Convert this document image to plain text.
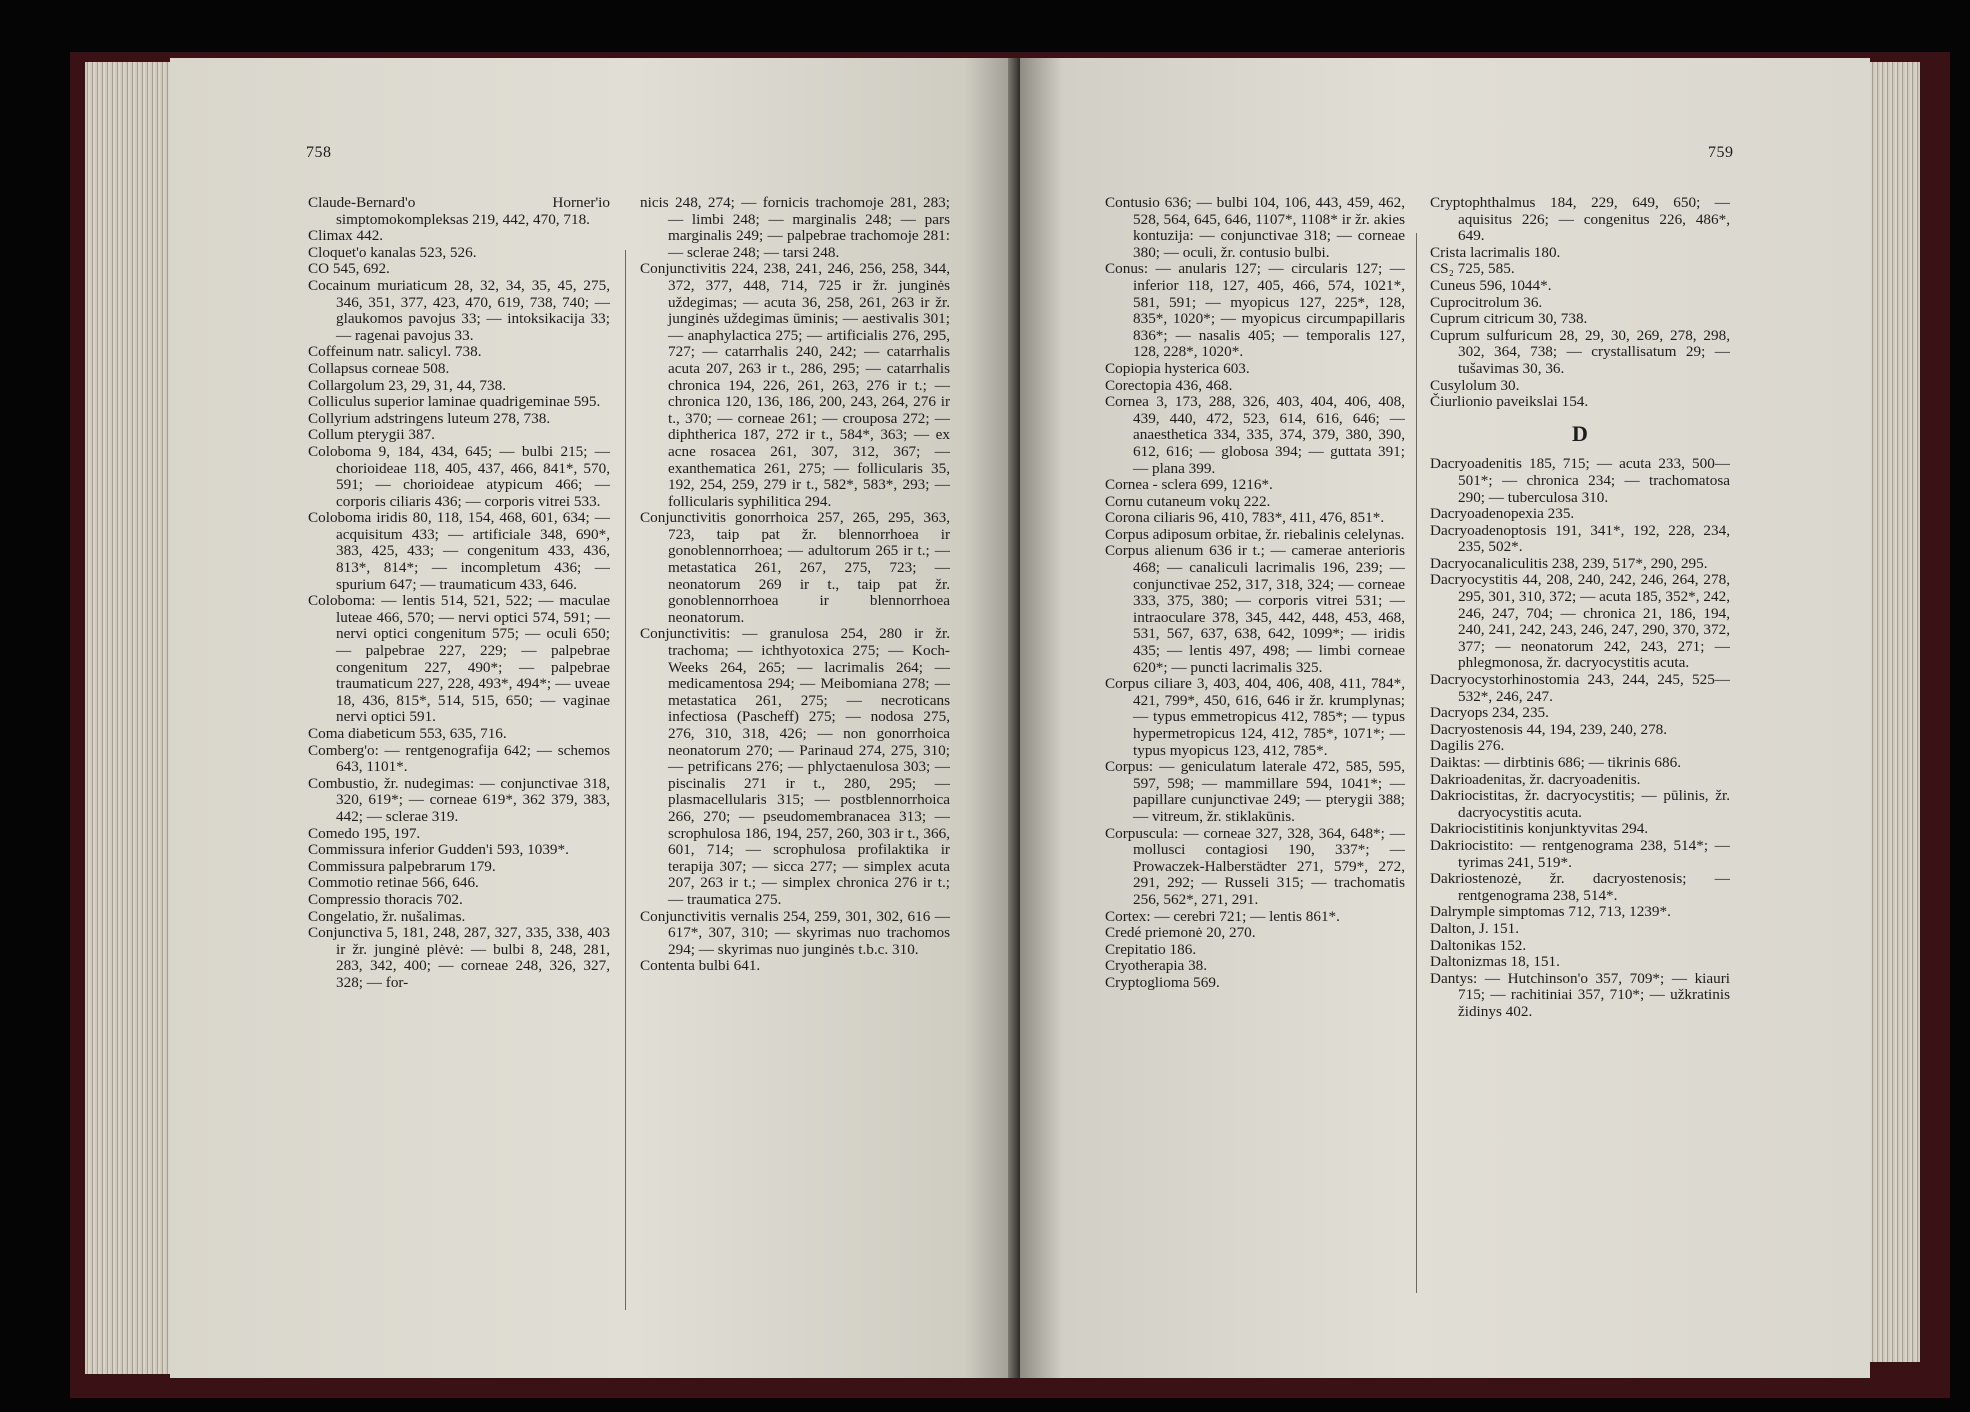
758

Claude-Bernard'o Horner'io simptomokompleksas 219, 442, 470, 718.

Climax 442.

Cloquet'o kanalas 523, 526.

CO 545, 692.

Cocainum muriaticum 28, 32, 34, 35, 45, 275, 346, 351, 377, 423, 470, 619, 738, 740; — glaukomos pavojus 33; — intoksikacija 33; — ragenai pavojus 33.

Coffeinum natr. salicyl. 738.

Collapsus corneae 508.

Collargolum 23, 29, 31, 44, 738.

Colliculus superior laminae quadrigeminae 595.

Collyrium adstringens luteum 278, 738.

Collum pterygii 387.

Coloboma 9, 184, 434, 645; — bulbi 215; — chorioideae 118, 405, 437, 466, 841*, 570, 591; — chorioideae atypicum 466; — corporis ciliaris 436; — corporis vitrei 533.

Coloboma iridis 80, 118, 154, 468, 601, 634; — acquisitum 433; — artificiale 348, 690*, 383, 425, 433; — congenitum 433, 436, 813*, 814*; — incompletum 436; — spurium 647; — traumaticum 433, 646.

Coloboma: — lentis 514, 521, 522; — maculae luteae 466, 570; — nervi optici 574, 591; — nervi optici congenitum 575; — oculi 650; — palpebrae 227, 229; — palpebrae congenitum 227, 490*; — palpebrae traumaticum 227, 228, 493*, 494*; — uveae 18, 436, 815*, 514, 515, 650; — vaginae nervi optici 591.

Coma diabeticum 553, 635, 716.

Comberg'o: — rentgenografija 642; — schemos 643, 1101*.

Combustio, žr. nudegimas: — conjunctivae 318, 320, 619*; — corneae 619*, 362 379, 383, 442; — sclerae 319.

Comedo 195, 197.

Commissura inferior Gudden'i 593, 1039*.

Commissura palpebrarum 179.

Commotio retinae 566, 646.

Compressio thoracis 702.

Congelatio, žr. nušalimas.

Conjunctiva 5, 181, 248, 287, 327, 335, 338, 403 ir žr. junginė plėvė: — bulbi 8, 248, 281, 283, 342, 400; — corneae 248, 326, 327, 328; — for-

nicis 248, 274; — fornicis trachomoje 281, 283; — limbi 248; — marginalis 248; — pars marginalis 249; — palpebrae trachomoje 281: — sclerae 248; — tarsi 248.

Conjunctivitis 224, 238, 241, 246, 256, 258, 344, 372, 377, 448, 714, 725 ir žr. junginės uždegimas; — acuta 36, 258, 261, 263 ir žr. junginės uždegimas ūminis; — aestivalis 301; — anaphylactica 275; — artificialis 276, 295, 727; — catarrhalis 240, 242; — catarrhalis acuta 207, 263 ir t., 286, 295; — catarrhalis chronica 194, 226, 261, 263, 276 ir t.; — chronica 120, 136, 186, 200, 243, 264, 276 ir t., 370; — corneae 261; — crouposa 272; — diphtherica 187, 272 ir t., 584*, 363; — ex acne rosacea 261, 307, 312, 367; — exanthematica 261, 275; — follicularis 35, 192, 254, 259, 279 ir t., 582*, 583*, 293; — follicularis syphilitica 294.

Conjunctivitis gonorrhoica 257, 265, 295, 363, 723, taip pat žr. blennorrhoea ir gonoblennorrhoea; — adultorum 265 ir t.; — metastatica 261, 267, 275, 723; — neonatorum 269 ir t., taip pat žr. gonoblennorrhoea ir blennorrhoea neonatorum.

Conjunctivitis: — granulosa 254, 280 ir žr. trachoma; — ichthyotoxica 275; — Koch-Weeks 264, 265; — lacrimalis 264; — medicamentosa 294; — Meibomiana 278; — metastatica 261, 275; — necroticans infectiosa (Pascheff) 275; — nodosa 275, 276, 310, 318, 426; — non gonorrhoica neonatorum 270; — Parinaud 274, 275, 310; — petrificans 276; — phlyctaenulosa 303; — piscinalis 271 ir t., 280, 295; — plasmacellularis 315; — postblennorrhoica 266, 270; — pseudomembranacea 313; — scrophulosa 186, 194, 257, 260, 303 ir t., 366, 601, 714; — scrophulosa profilaktika ir terapija 307; — sicca 277; — simplex acuta 207, 263 ir t.; — simplex chronica 276 ir t.; — traumatica 275.

Conjunctivitis vernalis 254, 259, 301, 302, 616 — 617*, 307, 310; — skyrimas nuo trachomos 294; — skyrimas nuo junginės t.b.c. 310.

Contenta bulbi 641.

759

Contusio 636; — bulbi 104, 106, 443, 459, 462, 528, 564, 645, 646, 1107*, 1108* ir žr. akies kontuzija: — conjunctivae 318; — corneae 380; — oculi, žr. contusio bulbi.

Conus: — anularis 127; — circularis 127; — inferior 118, 127, 405, 466, 574, 1021*, 581, 591; — myopicus 127, 225*, 128, 835*, 1020*; — myopicus circumpapillaris 836*; — nasalis 405; — temporalis 127, 128, 228*, 1020*.

Copiopia hysterica 603.

Corectopia 436, 468.

Cornea 3, 173, 288, 326, 403, 404, 406, 408, 439, 440, 472, 523, 614, 616, 646; — anaesthetica 334, 335, 374, 379, 380, 390, 612, 616; — globosa 394; — guttata 391; — plana 399.

Cornea - sclera 699, 1216*.

Cornu cutaneum vokų 222.

Corona ciliaris 96, 410, 783*, 411, 476, 851*.

Corpus adiposum orbitae, žr. riebalinis celelynas.

Corpus alienum 636 ir t.; — camerae anterioris 468; — canaliculi lacrimalis 196, 239; — conjunctivae 252, 317, 318, 324; — corneae 333, 375, 380; — corporis vitrei 531; — intraoculare 378, 345, 442, 448, 453, 468, 531, 567, 637, 638, 642, 1099*; — iridis 435; — lentis 497, 498; — limbi corneae 620*; — puncti lacrimalis 325.

Corpus ciliare 3, 403, 404, 406, 408, 411, 784*, 421, 799*, 450, 616, 646 ir žr. krumplynas; — typus emmetropicus 412, 785*; — typus hypermetropicus 124, 412, 785*, 1071*; — typus myopicus 123, 412, 785*.

Corpus: — geniculatum laterale 472, 585, 595, 597, 598; — mammillare 594, 1041*; — papillare cunjunctivae 249; — pterygii 388; — vitreum, žr. stiklakūnis.

Corpuscula: — corneae 327, 328, 364, 648*; — mollusci contagiosi 190, 337*; — Prowaczek-Halberstädter 271, 579*, 272, 291, 292; — Russeli 315; — trachomatis 256, 562*, 271, 291.

Cortex: — cerebri 721; — lentis 861*.

Credé priemonė 20, 270.

Crepitatio 186.

Cryotherapia 38.

Cryptoglioma 569.

Cryptophthalmus 184, 229, 649, 650; — aquisitus 226; — congenitus 226, 486*, 649.

Crista lacrimalis 180.

CS₂ 725, 585.

Cuneus 596, 1044*.

Cuprocitrolum 36.

Cuprum citricum 30, 738.

Cuprum sulfuricum 28, 29, 30, 269, 278, 298, 302, 364, 738; — crystallisatum 29; — tušavimas 30, 36.

Cusylolum 30.

Čiurlionio paveikslai 154.

D

Dacryoadenitis 185, 715; — acuta 233, 500—501*; — chronica 234; — trachomatosa 290; — tuberculosa 310.

Dacryoadenopexia 235.

Dacryoadenoptosis 191, 341*, 192, 228, 234, 235, 502*.

Dacryocanaliculitis 238, 239, 517*, 290, 295.

Dacryocystitis 44, 208, 240, 242, 246, 264, 278, 295, 301, 310, 372; — acuta 185, 352*, 242, 246, 247, 704; — chronica 21, 186, 194, 240, 241, 242, 243, 246, 247, 290, 370, 372, 377; — neonatorum 242, 243, 271; — phlegmonosa, žr. dacryocystitis acuta.

Dacryocystorhinostomia 243, 244, 245, 525—532*, 246, 247.

Dacryops 234, 235.

Dacryostenosis 44, 194, 239, 240, 278.

Dagilis 276.

Daiktas: — dirbtinis 686; — tikrinis 686.

Dakrioadenitas, žr. dacryoadenitis.

Dakriocistitas, žr. dacryocystitis; — pūlinis, žr. dacryocystitis acuta.

Dakriocistitinis konjunktyvitas 294.

Dakriocistito: — rentgenograma 238, 514*; — tyrimas 241, 519*.

Dakriostenozė, žr. dacryostenosis; — rentgenograma 238, 514*.

Dalrymple simptomas 712, 713, 1239*.

Dalton, J. 151.

Daltonikas 152.

Daltonizmas 18, 151.

Dantys: — Hutchinson'o 357, 709*; — kiauri 715; — rachitiniai 357, 710*; — užkratinis židinys 402.
